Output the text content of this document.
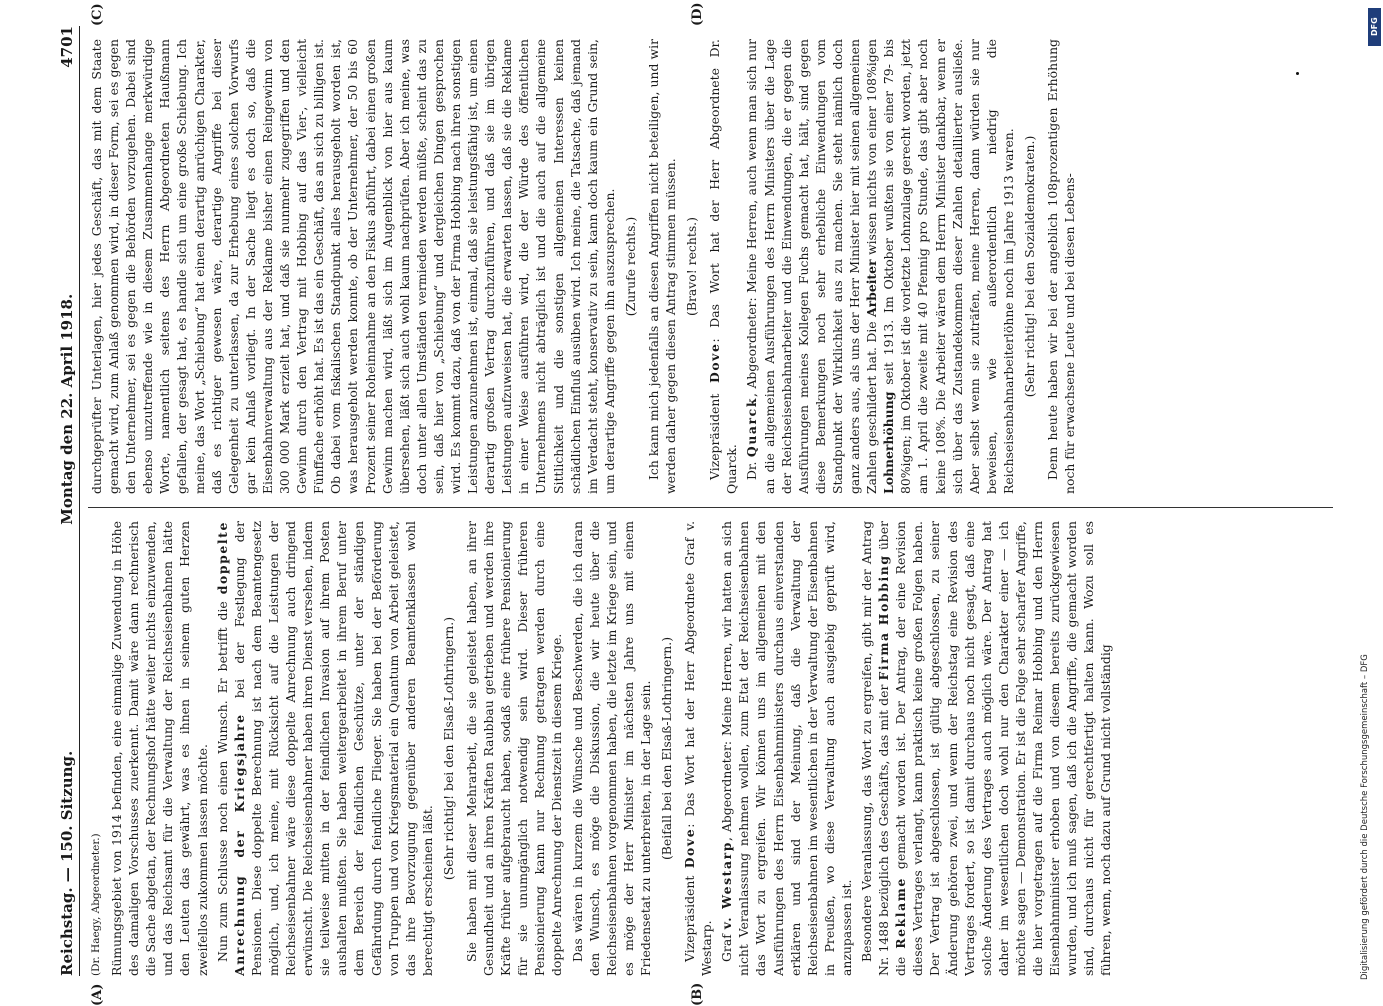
Reichstag. — 150. Sitzung.
Montag den 22. April 1918.
4701
(A)	(B)
(C)	(D)

(Dr. Haegy, Abgeordneter.) Rümungsgebiet von 1914 befinden, eine einmalige Zuwendung in Höhe des damaligen Vorschusses zuerkennt. Damit wäre dann rechnerisch die Sache abgetan, der Rechnungshof hätte weiter nichts einzuwenden, und das Reichsamt für die Verwaltung der Reichseisenbahnen hätte den Leuten das gewährt, was es ihnen in seinem guten Herzen zweifellos zukommen lassen möchte. Nun zum Schlusse noch einen Wunsch. Er betrifft die doppelte Anrechnung der Kriegsjahre bei der Festlegung der Pensionen. Diese doppelte Berechnung ist nach dem Beamtengesetz möglich, und, ich meine, mit Rücksicht auf die Leistungen der Reichseisenbahner wäre diese doppelte Anrechnung auch dringend erwünscht. Die Reichseisenbahner haben ihren Dienst versehen, indem sie teilweise mitten in der feindlichen Invasion auf ihrem Posten aushalten mußten. Sie haben weitergearbeitet in ihrem Beruf unter dem Bereich der feindlichen Geschütze, unter der ständigen Gefährdung durch feindliche Flieger. Sie haben bei der Beförderung von Truppen und von Kriegsmaterial ein Quantum von Arbeit geleistet, das ihre Bevorzugung gegenüber anderen Beamtenklassen wohl berechtigt erscheinen läßt.

(Sehr richtig! bei den Elsaß-Lothringern.) Sie haben mit dieser Mehrarbeit, die sie geleistet haben, an ihrer Gesundheit und an ihren Kräften Raubbau getrieben und werden ihre Kräfte früher aufgebraucht haben, sodaß eine frühere Pensionierung für sie unumgänglich notwendig sein wird. Dieser früheren Pensionierung kann nur Rechnung getragen werden durch eine doppelte Anrechnung der Dienstzeit in diesem Kriege. Das wären in kurzem die Wünsche und Beschwerden, die ich daran den Wunsch, es möge die Diskussion, die wir heute über die Reichseisenbahnen vorgenommen haben, die letzte im Kriege sein, und es möge der Herr Minister im nächsten Jahre uns mit einem Friedensetat zu unterbreiten, in der Lage sein. (Beifall bei den Elsaß-Lothringern.)

Vizepräsident Dove: Das Wort hat der Herr Abgeordnete Graf v. Westarp. Graf v. Westarp, Abgeordneter: Meine Herren, wir hatten an sich nicht Veranlassung nehmen wollen, zum Etat der Reichseisenbahnen das Wort zu ergreifen. Wir können uns im allgemeinen mit den Ausführungen des Herrn Eisenbahnministers durchaus einverstanden erklären und sind der Meinung, daß die Verwaltung der Reichseisenbahnen im wesentlichen in der Verwaltung der Eisenbahnen in Preußen, wo diese Verwaltung auch ausgiebig geprüft wird, anzupassen ist. Besondere Veranlassung, das Wort zu ergreifen, gibt mir der Antrag Nr. 1488 bezüglich des Geschäfts, das mit der Firma Hobbing über die Reklame gemacht worden ist. Der Antrag, der eine Revision dieses Vertrages verlangt, kann praktisch keine großen Folgen haben. Der Vertrag ist abgeschlossen, ist gültig abgeschlossen, zu seiner Änderung gehören zwei, und wenn der Reichstag eine Revision des Vertrages fordert, so ist damit durchaus noch nicht gesagt, daß eine solche Änderung des Vertrages auch möglich wäre. Der Antrag hat daher im wesentlichen doch wohl nur den Charakter einer — ich möchte sagen — Demonstration. Er ist die Folge sehr scharfer Angriffe, die hier vorgetragen auf die Firma Reimar Hobbing und den Herrn Eisenbahnminister erhoben und von diesem bereits zurückgewiesen wurden, und ich muß sagen, daß ich die Angriffe, die gemacht worden sind, durchaus nicht für gerechtfertigt halten kann. Wozu soll es führen, wenn, noch dazu auf Grund nicht vollständig

durchgeprüfter Unterlagen, hier jedes Geschäft, das mit dem Staate gemacht wird, zum Anlaß genommen wird, in dieser Form, sei es gegen den Unternehmer, sei es gegen die Behörden vorzugehen. Dabei sind ebenso unzutreffende wie in diesem Zusammenhange merkwürdige Worte, namentlich seitens des Herrn Abgeordneten Haußmann gefallen, der gesagt hat, es handle sich um eine große Schiebung. Ich meine, das Wort „Schiebung“ hat einen derartig anrüchigen Charakter, daß es richtiger gewesen wäre, derartige Angriffe bei dieser Gelegenheit zu unterlassen, da zur Erhebung eines solchen Vorwurfs gar kein Anlaß vorliegt. In der Sache liegt es doch so, daß die Eisenbahnverwaltung aus der Reklame bisher einen Reingewinn von 300 000 Mark erzielt hat, und daß sie nunmehr zugegriffen und den Gewinn durch den Vertrag mit Hobbing auf das Vier-, vielleicht Fünffache erhöht hat. Es ist das ein Geschäft, das an sich zu billigen ist. Ob dabei vom fiskalischen Standpunkt alles herausgeholt worden ist, was herausgeholt werden konnte, ob der Unternehmer, der 50 bis 60 Prozent seiner Roheinnahme an den Fiskus abführt, dabei einen großen Gewinn machen wird, läßt sich im Augenblick von hier aus kaum übersehen, läßt sich auch wohl kaum nachprüfen. Aber ich meine, was doch unter allen Umständen vermieden werden müßte, scheint das zu sein, daß hier von „Schiebung“ und dergleichen Dingen gesprochen wird. Es kommt dazu, daß von der Firma Hobbing nach ihren sonstigen Leistungen anzunehmen ist, einmal, daß sie leistungsfähig ist, um einen derartig großen Vertrag durchzuführen, und daß sie im übrigen Leistungen aufzuweisen hat, die erwarten lassen, daß sie die Reklame in einer Weise ausführen wird, die der Würde des öffentlichen Unternehmens nicht abträglich ist und die auch auf die allgemeine Sittlichkeit und die sonstigen allgemeinen Interessen keinen schädlichen Einfluß ausüben wird. Ich meine, die Tatsache, daß jemand im Verdacht steht, konservativ zu sein, kann doch kaum ein Grund sein, um derartige Angriffe gegen ihn auszusprechen. (Zurufe rechts.) Ich kann mich jedenfalls an diesen Angriffen nicht beteiligen, und wir werden daher gegen diesen Antrag stimmen müssen. (Bravo! rechts.)

Vizepräsident Dove: Das Wort hat der Herr Abgeordnete Dr. Quarck. Dr. Quarck, Abgeordneter: Meine Herren, auch wenn man sich nur an die allgemeinen Ausführungen des Herrn Ministers über die Lage der Reichseisenbahnarbeiter und die Einwendungen, die er gegen die Ausführungen meines Kollegen Fuchs gemacht hat, hält, sind gegen diese Bemerkungen noch sehr erhebliche Einwendungen vom Standpunkt der Wirklichkeit aus zu machen. Sie steht nämlich doch ganz anders aus, als uns der Herr Minister hier mit seinen allgemeinen Zahlen geschildert hat. Die Arbeiter wissen nichts von einer 108%igen Lohnerhöhung seit 1913. Im Oktober wußten sie von einer 79- bis 80%igen; im Oktober ist die vorletzte Lohnzulage gerecht worden, jetzt am 1. April die zweite mit 40 Pfennig pro Stunde, das gibt aber noch keine 108%. Die Arbeiter wären dem Herrn Minister dankbar, wenn er sich über das Zustandekommen dieser Zahlen detaillierter ausließe. Aber selbst wenn sie zuträfen, meine Herren, dann würden sie nur beweisen, wie außerordentlich niedrig die Reichseisenbahnarbeiterlöhne noch im Jahre 1913 waren. (Sehr richtig! bei den Sozialdemokraten.) Denn heute haben wir bei der angeblich 108prozentigen Erhöhung noch für erwachsene Leute und bei diesen Lebens-

Digitalisierung gefördert durch die Deutsche Forschungsgemeinschaft – DFG
DFG
